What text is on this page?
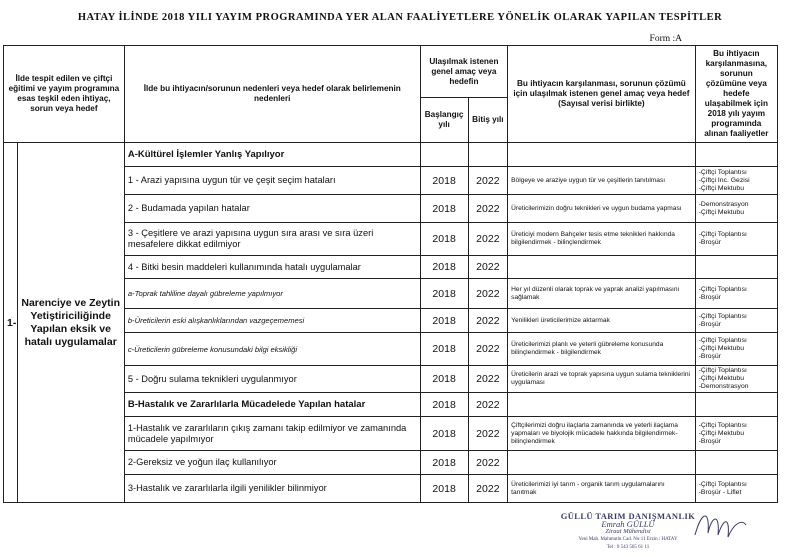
HATAY İLİNDE 2018 YILI YAYIM PROGRAMINDA YER ALAN FAALİYETLERE YÖNELİK OLARAK YAPILAN TESPİTLER
Form :A
İlde tespit edilen ve çiftçi eğitimi ve yayım programına esas teşkil eden ihtiyaç, sorun veya hedef		İlde bu ihtiyacın/sorunun nedenleri veya hedef olarak belirlemenin nedenleri	Ulaşılmak istenen genel amaç veya hedefin		Bu ihtiyacın karşılanması, sorunun çözümü için ulaşılmak istenen genel amaç veya hedef (Sayısal verisi birlikte)	Bu ihtiyacın karşılanmasına, sorunun çözümüne veya hedefe ulaşabilmek için 2018 yılı yayım programında alınan faaliyetler
			Başlangıç yılı	Bitiş yılı		
1-	Narenciye ve Zeytin Yetiştiriciliğinde Yapılan eksik ve hatalı uygulamalar	A-Kültürel İşlemler Yanlış Yapılıyor				
		1 - Arazi yapısına uygun tür ve çeşit seçim hataları	2018	2022	Bölgeye ve araziye uygun tür ve çeşitlerin tanıtılması	-Çiftçi Toplantısı
-Çiftçi Inc. Gezisi
-Çiftçi Mektubu
		2 - Budamada yapılan hatalar	2018	2022	Üreticilerimizin doğru teknikleri ve uygun budama yapması	-Demonstrasyon
-Çiftçi Mektubu
		3 - Çeşitlere ve arazi yapısına uygun sıra arası ve sıra üzeri mesafelere dikkat edilmiyor	2018	2022	Üreticiyi modern Bahçeler tesis etme teknikleri hakkında bilgilendirmek - bilinçlendirmek	-Çiftçi Toplantısı
-Broşür
		4 - Bitki besin maddeleri kullanımında hatalı uygulamalar	2018	2022		
		a-Toprak tahliline dayalı gübreleme yapılmıyor	2018	2022	Her yıl düzenli olarak toprak ve yaprak analizi yapılmasını sağlamak	-Çiftçi Toplantısı
-Broşür
		b-Üreticilerin eski alışkanlıklarından vazgeçememesi	2018	2022	Yenilikleri üreticilerimize aktarmak	-Çiftçi Toplantısı
-Broşür
		c-Üreticilerin gübreleme konusundaki bilgi eksikliği	2018	2022	Üreticilerimizi planlı ve yeterli gübreleme konusunda bilinçlendirmek - bilgilendirmek	-Çiftçi Toplantısı
-Çiftçi Mektubu
-Broşür
		5 - Doğru sulama teknikleri uygulanmıyor	2018	2022	Üreticilerin arazi ve toprak yapısına uygun sulama tekniklerini uygulaması	-Çiftçi Toplantısı
-Çiftçi Mektubu
-Demonstrasyon
		B-Hastalık ve Zararlılarla Mücadelede Yapılan hatalar	2018	2022		
		1-Hastalık ve zararlıların çıkış zamanı takip edilmiyor ve zamanında mücadele yapılmıyor	2018	2022	Çiftçilerimizi doğru ilaçlarla zamanında ve yeterli ilaçlama yapmaları ve biyolojik mücadele hakkında bilgilendirmek- bilinçlendirmek	-Çiftçi Toplantısı
-Çiftçi Mektubu
-Broşür
		2-Gereksiz ve yoğun ilaç kullanılıyor	2018	2022		
		3-Hastalık ve zararlılarla ilgili yenilikler bilinmiyor	2018	2022	Üreticilerimizi iyi tarım - organik tarım uygulamalarını tanıtmak	-Çiftçi Toplantısı
-Broşür - Liflet
GÜLLÜ TARIM DANIŞMANLIK
Emrah GÜLLÜ
Ziraat Mühendisi
Yeni Mah. Mahmutlu Cad. No:11 Erzin / HATAY
Tel : 0 543 565 61 11
